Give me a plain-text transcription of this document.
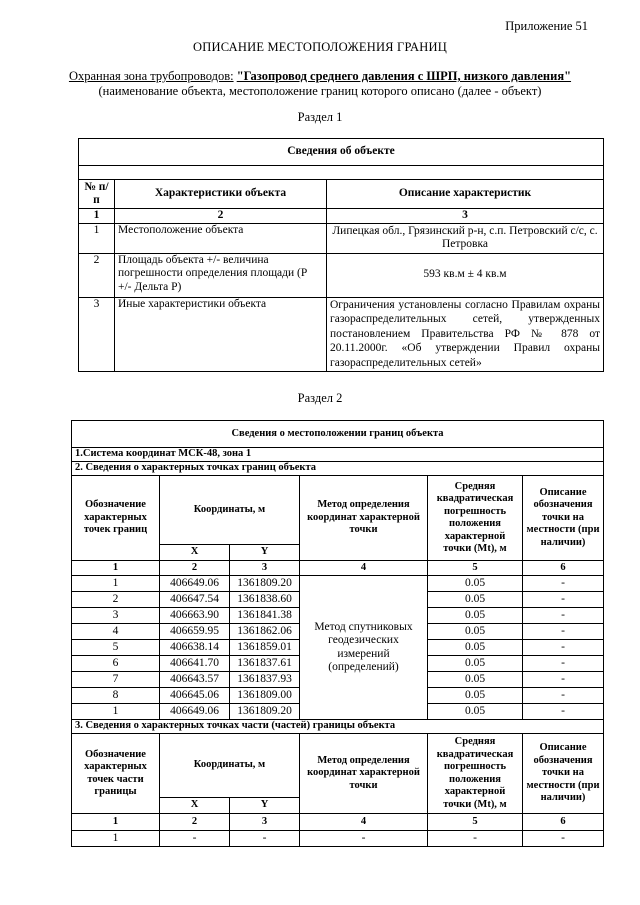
Приложение 51
ОПИСАНИЕ МЕСТОПОЛОЖЕНИЯ ГРАНИЦ
Охранная зона трубопроводов: "Газопровод среднего давления с ШРП, низкого давления"
(наименование объекта, местоположение границ которого описано (далее - объект)
Раздел 1
Сведения об объекте		

№ п/п	Характеристики объекта	Описание характеристик
1	2	3
1	Местоположение объекта	Липецкая обл., Грязинский р-н, с.п. Петровский с/с, с. Петровка
2	Площадь объекта +/- величина погрешности определения площади (P +/- Дельта P)	593 кв.м ± 4 кв.м
3	Иные характеристики объекта	Ограничения установлены согласно Правилам охраны газораспределительных сетей, утвержденных постановлением Правительства РФ № 878 от 20.11.2000г. «Об утверждении Правил охраны газораспределительных сетей»
Раздел 2
Сведения о местоположении границ объекта					
1.Система координат МСК-48, зона 1					
2. Сведения о характерных точках границ объекта					
Обозначение характерных точек границ	Координаты, м		Метод определения координат характерной точки	Средняя квадратическая погрешность положения характерной точки (Mt), м	Описание обозначения точки на местности (при наличии)
	X	Y			
1	2	3	4	5	6
1	406649.06	1361809.20	Метод спутниковых геодезических измерений (определений)	0.05	-
2	406647.54	1361838.60		0.05	-
3	406663.90	1361841.38		0.05	-
4	406659.95	1361862.06		0.05	-
5	406638.14	1361859.01		0.05	-
6	406641.70	1361837.61		0.05	-
7	406643.57	1361837.93		0.05	-
8	406645.06	1361809.00		0.05	-
1	406649.06	1361809.20		0.05	-
3. Сведения о характерных точках части (частей) границы объекта					
Обозначение характерных точек части границы	Координаты, м		Метод определения координат характерной точки	Средняя квадратическая погрешность положения характерной точки (Mt), м	Описание обозначения точки на местности (при наличии)
	X	Y			
1	2	3	4	5	6
1	-	-	-	-	-
